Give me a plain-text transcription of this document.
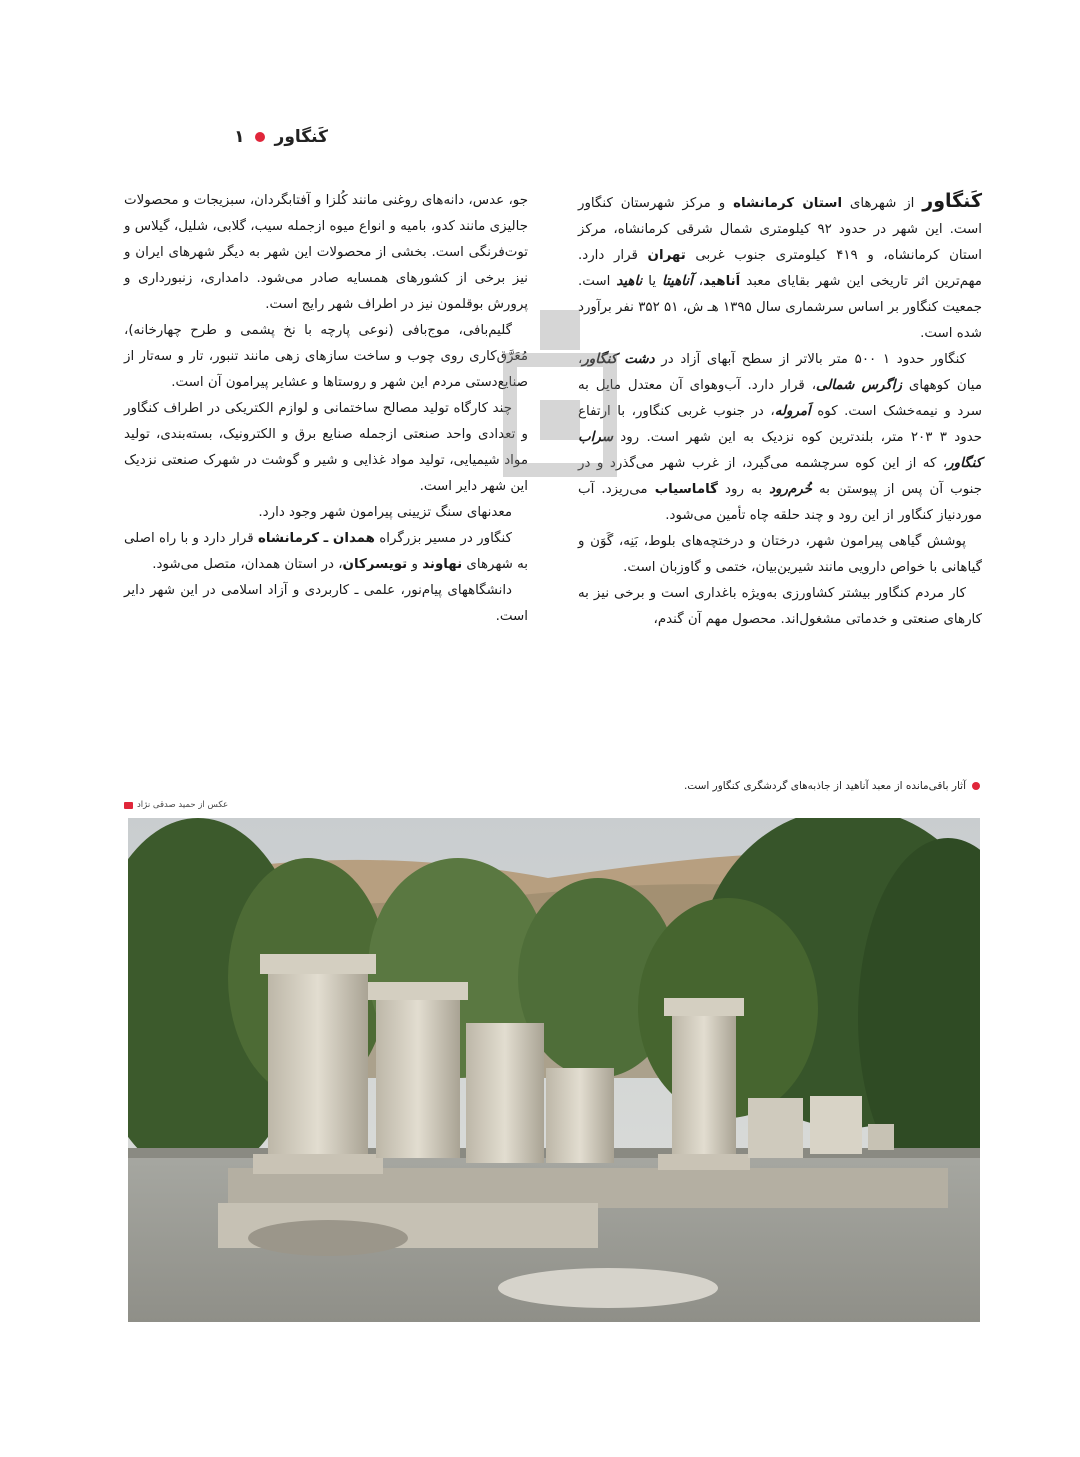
کَنگاور
۱

کَنگاور از شهرهای استان کرمانشاه و مرکز شهرستان کنگاور است. این شهر در حدود ۹۲ کیلومتری شمال شرقی کرمانشاه، مرکز استان کرمانشاه، و ۴۱۹ کیلومتری جنوب غربی تهران قرار دارد. مهم‌ترین اثر تاریخی این شهر بقایای معبد اَناهید، آناهیتا یا ناهید است. جمعیت کنگاور بر اساس سرشماری سال ۱۳۹۵ هـ ش، ۵۱ ۳۵۲ نفر برآورد شده است.

کنگاور حدود ۱ ۵۰۰ متر بالاتر از سطح آبهای آزاد در دشت کنگاور، میان کوههای زاگرس شمالی، قرار دارد. آب‌وهوای آن معتدل مایل به سرد و نیمه‌خشک است. کوه اَمروله، در جنوب غربی کنگاور، با ارتفاع حدود ۳ ۲۰۳ متر، بلندترین کوه نزدیک به این شهر است. رود سراب کنگاور، که از این کوه سرچشمه می‌گیرد، از غرب شهر می‌گذرد و در جنوب آن پس از پیوستن به خُرم‌رود به رود گاماسیاب می‌ریزد. آب موردنیاز کنگاور از این رود و چند حلقه چاه تأمین می‌شود.

پوشش گیاهی پیرامون شهر، درختان و درختچه‌های بلوط، بَنِه، گَوَن و گیاهانی با خواص دارویی مانند شیرین‌بیان، ختمی و گاوزبان است.

کار مردم کنگاور بیشتر کشاورزی به‌ویژه باغداری است و برخی نیز به کارهای صنعتی و خدماتی مشغول‌اند. محصول مهم آن گندم،

جو، عدس، دانه‌های روغنی مانند کُلزا و آفتابگردان، سبزیجات و محصولات جالیزی مانند کدو، بامیه و انواع میوه ازجمله سیب، گلابی، شلیل، گیلاس و توت‌فرنگی است. بخشی از محصولات این شهر به دیگر شهرهای ایران و نیز برخی از کشورهای همسایه صادر می‌شود. دامداری، زنبورداری و پرورش بوقلمون نیز در اطراف شهر رایج است.

گلیم‌بافی، موج‌بافی (نوعی پارچه با نخ پشمی و طرح چهارخانه)، مُعَرَّق‌کاری روی چوب و ساخت سازهای زهی مانند تنبور، تار و سه‌تار از صنایع‌دستی مردم این شهر و روستاها و عشایر پیرامون آن است.

چند کارگاه تولید مصالح ساختمانی و لوازم الکتریکی در اطراف کنگاور و تعدادی واحد صنعتی ازجمله صنایع برق و الکترونیک، بسته‌بندی، تولید مواد شیمیایی، تولید مواد غذایی و شیر و گوشت در شهرک صنعتی نزدیک این شهر دایر است.

معدنهای سنگ تزیینی پیرامون شهر وجود دارد.

کنگاور در مسیر بزرگراه همدان ـ کرمانشاه قرار دارد و با راه اصلی به شهرهای نهاوند و تویسرکان، در استان همدان، متصل می‌شود.

دانشگاههای پیام‌نور، علمی ـ کاربردی و آزاد اسلامی در این شهر دایر است.

آثار باقی‌مانده از معبد آناهید از جاذبه‌های گردشگری کنگاور است.
عکس از حمید صدقی نژاد
